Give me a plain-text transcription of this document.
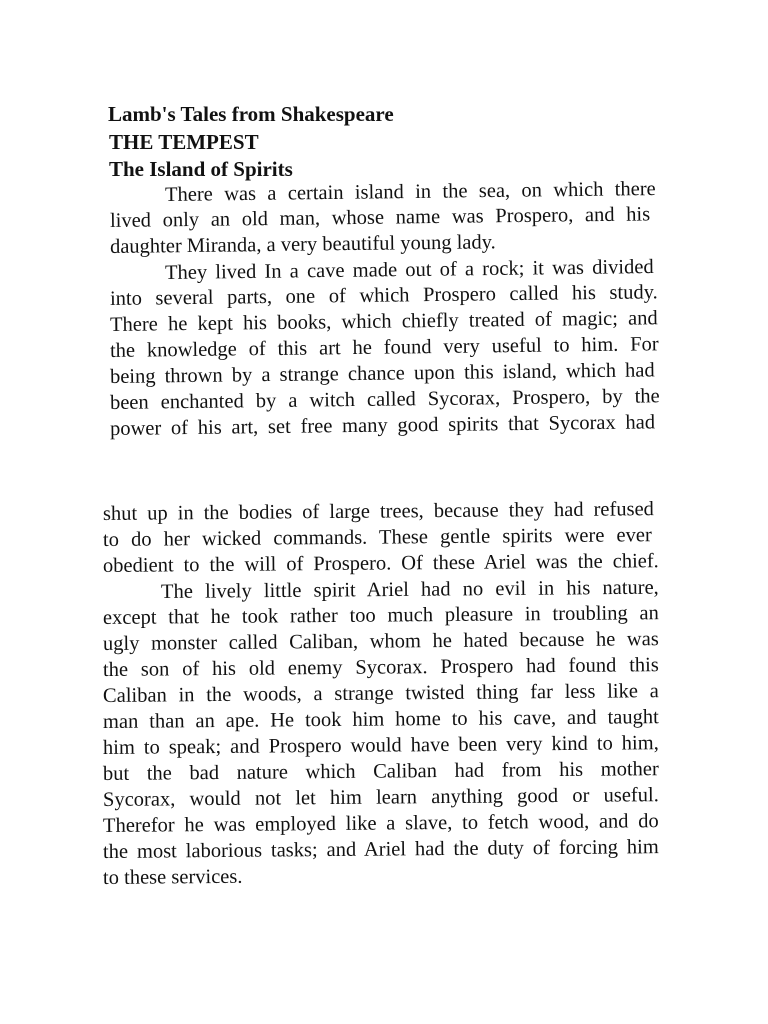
Lamb's Tales from Shakespeare
THE TEMPEST
The Island of Spirits
There was a certain island in the sea, on which there
lived only an old man, whose name was Prospero, and his
daughter Miranda, a very beautiful young lady.
They lived In a cave made out of a rock; it was divided
into several parts, one of which Prospero called his study.
There he kept his books, which chiefly treated of magic; and
the knowledge of this art he found very useful to him. For
being thrown by a strange chance upon this island, which had
been enchanted by a witch called Sycorax, Prospero, by the
power of his art, set free many good spirits that Sycorax had
shut up in the bodies of large trees, because they had refused
to do her wicked commands. These gentle spirits were ever
obedient to the will of Prospero. Of these Ariel was the chief.
The lively little spirit Ariel had no evil in his nature,
except that he took rather too much pleasure in troubling an
ugly monster called Caliban, whom he hated because he was
the son of his old enemy Sycorax. Prospero had found this
Caliban in the woods, a strange twisted thing far less like a
man than an ape. He took him home to his cave, and taught
him to speak; and Prospero would have been very kind to him,
but the bad nature which Caliban had from his mother
Sycorax, would not let him learn anything good or useful.
Therefor he was employed like a slave, to fetch wood, and do
the most laborious tasks; and Ariel had the duty of forcing him
to these services.
